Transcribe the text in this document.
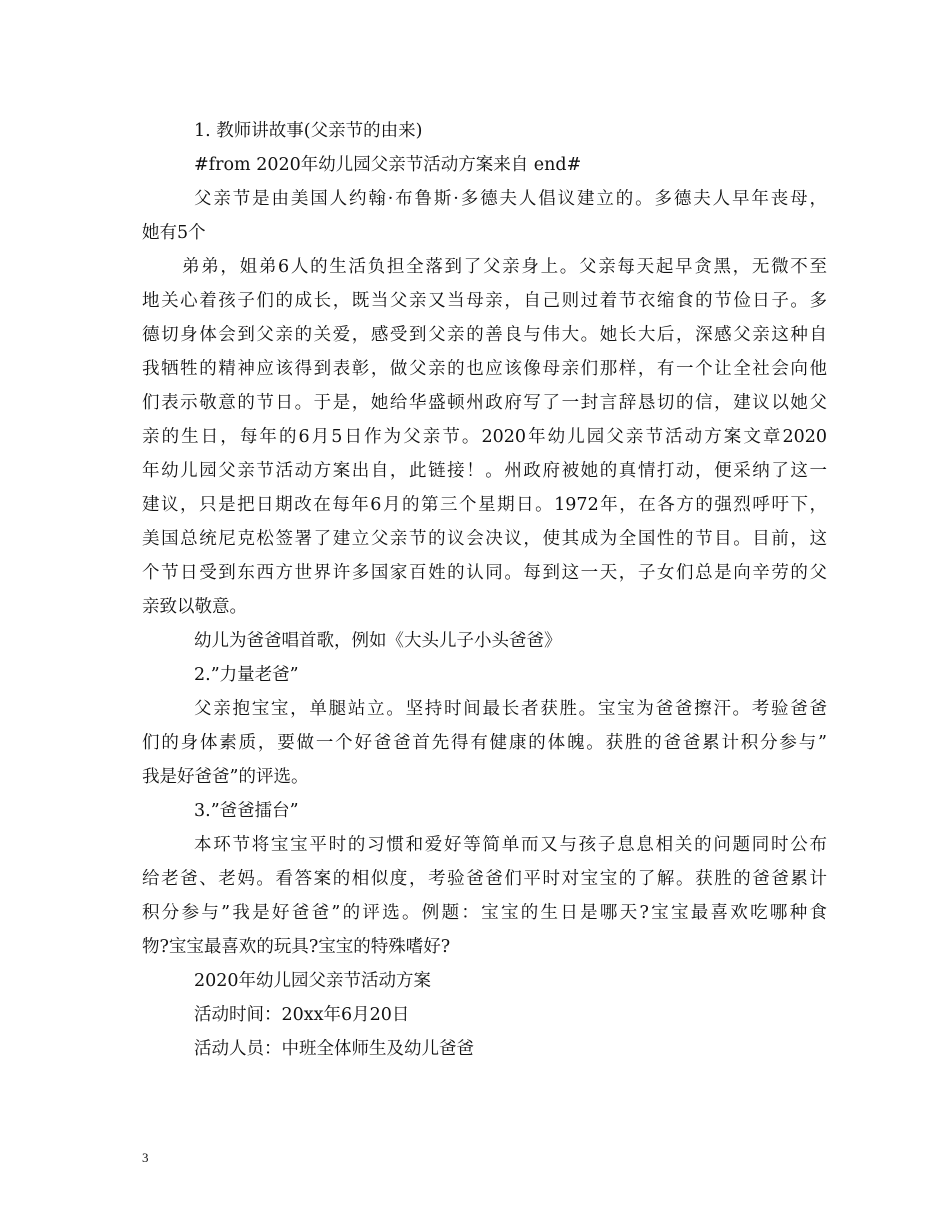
1. 教师讲故事(父亲节的由来)
#from 2020年幼儿园父亲节活动方案来自 end#
父亲节是由美国人约翰·布鲁斯·多德夫人倡议建立的。多德夫人早年丧母，
她有5个
弟弟，姐弟6人的生活负担全落到了父亲身上。父亲每天起早贪黑，无微不至
地关心着孩子们的成长，既当父亲又当母亲，自己则过着节衣缩食的节俭日子。多
德切身体会到父亲的关爱，感受到父亲的善良与伟大。她长大后，深感父亲这种自
我牺牲的精神应该得到表彰，做父亲的也应该像母亲们那样，有一个让全社会向他
们表示敬意的节日。于是，她给华盛顿州政府写了一封言辞恳切的信，建议以她父
亲的生日，每年的6月5日作为父亲节。2020年幼儿园父亲节活动方案文章2020
年幼儿园父亲节活动方案出自，此链接！。州政府被她的真情打动，便采纳了这一
建议，只是把日期改在每年6月的第三个星期日。1972年，在各方的强烈呼吁下，
美国总统尼克松签署了建立父亲节的议会决议，使其成为全国性的节目。目前，这
个节日受到东西方世界许多国家百姓的认同。每到这一天，子女们总是向辛劳的父
亲致以敬意。
幼儿为爸爸唱首歌，例如《大头儿子小头爸爸》
2.”力量老爸”
父亲抱宝宝，单腿站立。坚持时间最长者获胜。宝宝为爸爸擦汗。考验爸爸
们的身体素质，要做一个好爸爸首先得有健康的体魄。获胜的爸爸累计积分参与”
我是好爸爸”的评选。
3.”爸爸擂台”
本环节将宝宝平时的习惯和爱好等简单而又与孩子息息相关的问题同时公布
给老爸、老妈。看答案的相似度，考验爸爸们平时对宝宝的了解。获胜的爸爸累计
积分参与”我是好爸爸”的评选。例题：宝宝的生日是哪天?宝宝最喜欢吃哪种食
物?宝宝最喜欢的玩具?宝宝的特殊嗜好?
2020年幼儿园父亲节活动方案
活动时间：20xx年6月20日
活动人员：中班全体师生及幼儿爸爸
3
